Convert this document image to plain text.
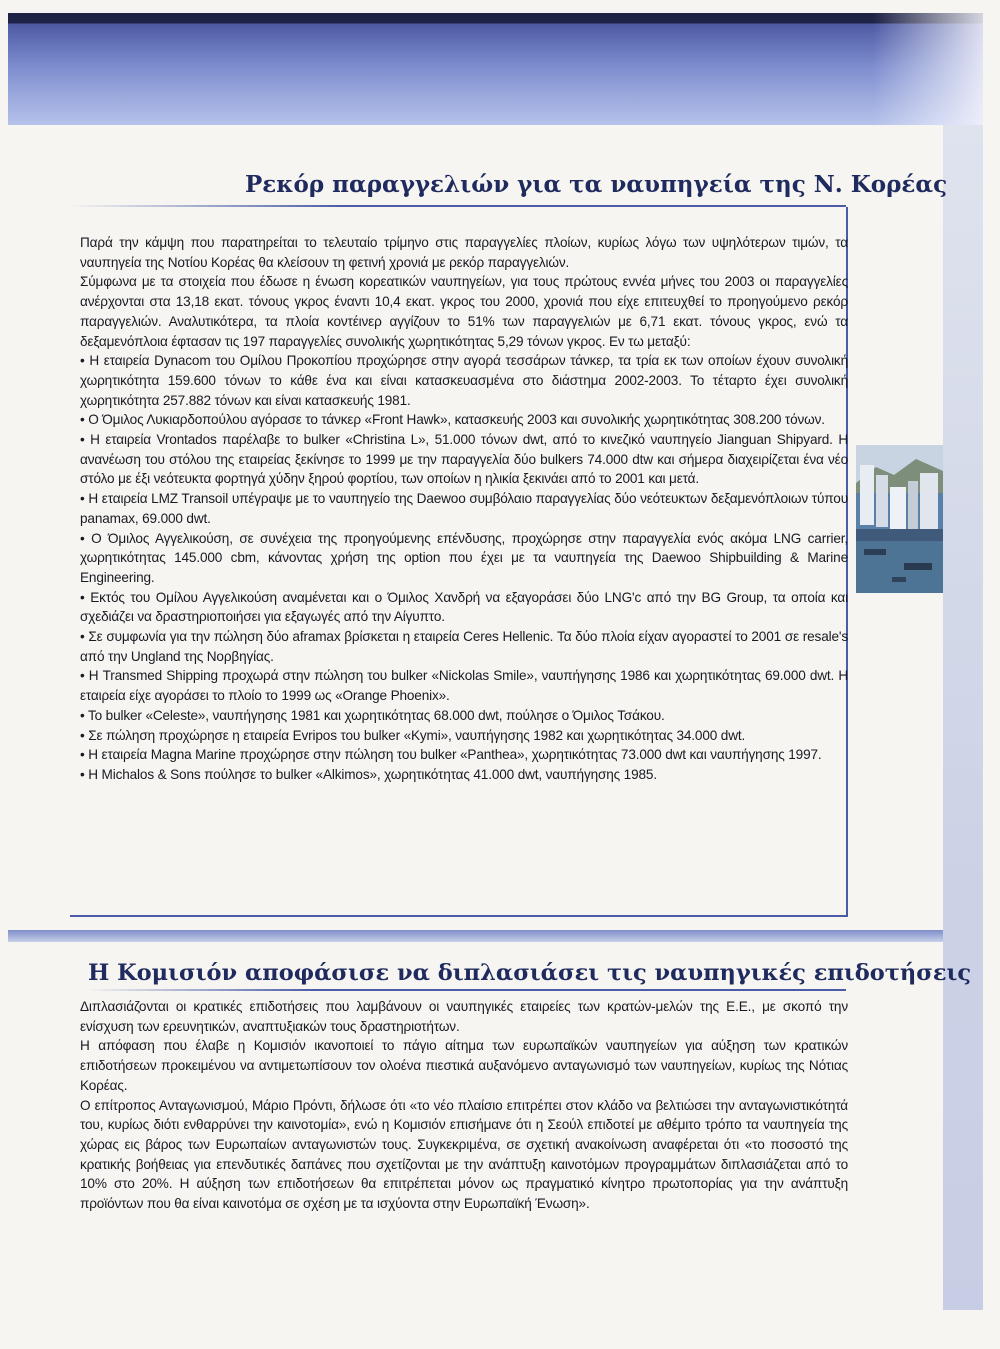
Ρεκόρ παραγγελιών για τα ναυπηγεία της Ν. Κορέας

Παρά την κάμψη που παρατηρείται το τελευταίο τρίμηνο στις παραγγελίες πλοίων, κυρίως λόγω των υψηλότερων τιμών, τα ναυπηγεία της Νοτίου Κορέας θα κλείσουν τη φετινή χρονιά με ρεκόρ παραγγελιών.

Σύμφωνα με τα στοιχεία που έδωσε η ένωση κορεατικών ναυπηγείων, για τους πρώτους εννέα μήνες του 2003 οι παραγγελίες ανέρχονται στα 13,18 εκατ. τόνους γκρος έναντι 10,4 εκατ. γκρος του 2000, χρονιά που είχε επιτευχθεί το προηγούμενο ρεκόρ παραγγελιών. Αναλυτικότερα, τα πλοία κοντέινερ αγγίζουν το 51% των παραγγελιών με 6,71 εκατ. τόνους γκρος, ενώ τα δεξαμενόπλοια έφτασαν τις 197 παραγγελίες συνολικής χωρητικότητας 5,29 τόνων γκρος. Εν τω μεταξύ:

• Η εταιρεία Dynacom του Ομίλου Προκοπίου προχώρησε στην αγορά τεσσάρων τάνκερ, τα τρία εκ των οποίων έχουν συνολική χωρητικότητα 159.600 τόνων το κάθε ένα και είναι κατασκευασμένα στο διάστημα 2002-2003. Το τέταρτο έχει συνολική χωρητικότητα 257.882 τόνων και είναι κατασκευής 1981.

• Ο Όμιλος Λυκιαρδοπούλου αγόρασε το τάνκερ «Front Hawk», κατασκευής 2003 και συνολικής χωρητικότητας 308.200 τόνων.

• Η εταιρεία Vrontados παρέλαβε το bulker «Christina L», 51.000 τόνων dwt, από το κινεζικό ναυπηγείο Jianguan Shipyard. Η ανανέωση του στόλου της εταιρείας ξεκίνησε το 1999 με την παραγγελία δύο bulkers 74.000 dtw και σήμερα διαχειρίζεται ένα νέο στόλο με έξι νεότευκτα φορτηγά χύδην ξηρού φορτίου, των οποίων η ηλικία ξεκινάει από το 2001 και μετά.

• Η εταιρεία LMZ Transoil υπέγραψε με το ναυπηγείο της Daewoo συμβόλαιο παραγγελίας δύο νεότευκτων δεξαμενόπλοιων τύπου panamax, 69.000 dwt.

• Ο Όμιλος Αγγελικούση, σε συνέχεια της προηγούμενης επένδυσης, προχώρησε στην παραγγελία ενός ακόμα LNG carrier, χωρητικότητας 145.000 cbm, κάνοντας χρήση της option που έχει με τα ναυπηγεία της Daewoo Shipbuilding & Marine Engineering.

• Εκτός του Ομίλου Αγγελικούση αναμένεται και ο Όμιλος Χανδρή να εξαγοράσει δύο LNG'c από την BG Group, τα οποία και σχεδιάζει να δραστηριοποιήσει για εξαγωγές από την Αίγυπτο.

• Σε συμφωνία για την πώληση δύο aframax βρίσκεται η εταιρεία Ceres Hellenic. Τα δύο πλοία είχαν αγοραστεί το 2001 σε resale's από την Ungland της Νορβηγίας.

• Η Transmed Shipping προχωρά στην πώληση του bulker «Nickolas Smile», ναυπήγησης 1986 και χωρητικότητας 69.000 dwt. Η εταιρεία είχε αγοράσει το πλοίο το 1999 ως «Orange Phoenix».

• Το bulker «Celeste», ναυπήγησης 1981 και χωρητικότητας 68.000 dwt, πούλησε ο Όμιλος Τσάκου.

• Σε πώληση προχώρησε η εταιρεία Evripos του bulker «Kymi», ναυπήγησης 1982 και χωρητικότητας 34.000 dwt.

• Η εταιρεία Magna Marine προχώρησε στην πώληση του bulker «Panthea», χωρητικότητας 73.000 dwt και ναυπήγησης 1997.

• Η Michalos & Sons πούλησε το bulker «Alkimos», χωρητικότητας 41.000 dwt, ναυπήγησης 1985.

Η Κομισιόν αποφάσισε να διπλασιάσει τις ναυπηγικές επιδοτήσεις

Διπλασιάζονται οι κρατικές επιδοτήσεις που λαμβάνουν οι ναυπηγικές εταιρείες των κρατών-μελών της Ε.Ε., με σκοπό την ενίσχυση των ερευνητικών, αναπτυξιακών τους δραστηριοτήτων.

Η απόφαση που έλαβε η Κομισιόν ικανοποιεί το πάγιο αίτημα των ευρωπαϊκών ναυπηγείων για αύξηση των κρατικών επιδοτήσεων προκειμένου να αντιμετωπίσουν τον ολοένα πιεστικά αυξανόμενο ανταγωνισμό των ναυπηγείων, κυρίως της Νότιας Κορέας.

Ο επίτροπος Ανταγωνισμού, Μάριο Πρόντι, δήλωσε ότι «το νέο πλαίσιο επιτρέπει στον κλάδο να βελτιώσει την ανταγωνιστικότητά του, κυρίως διότι ενθαρρύνει την καινοτομία», ενώ η Κομισιόν επισήμανε ότι η Σεούλ επιδοτεί με αθέμιτο τρόπο τα ναυπηγεία της χώρας εις βάρος των Ευρωπαίων ανταγωνιστών τους. Συγκεκριμένα, σε σχετική ανακοίνωση αναφέρεται ότι «το ποσοστό της κρατικής βοήθειας για επενδυτικές δαπάνες που σχετίζονται με την ανάπτυξη καινοτόμων προγραμμάτων διπλασιάζεται από το 10% στο 20%. Η αύξηση των επιδοτήσεων θα επιτρέπεται μόνον ως πραγματικό κίνητρο πρωτοπορίας για την ανάπτυξη προϊόντων που θα είναι καινοτόμα σε σχέση με τα ισχύοντα στην Ευρωπαϊκή Ένωση».
